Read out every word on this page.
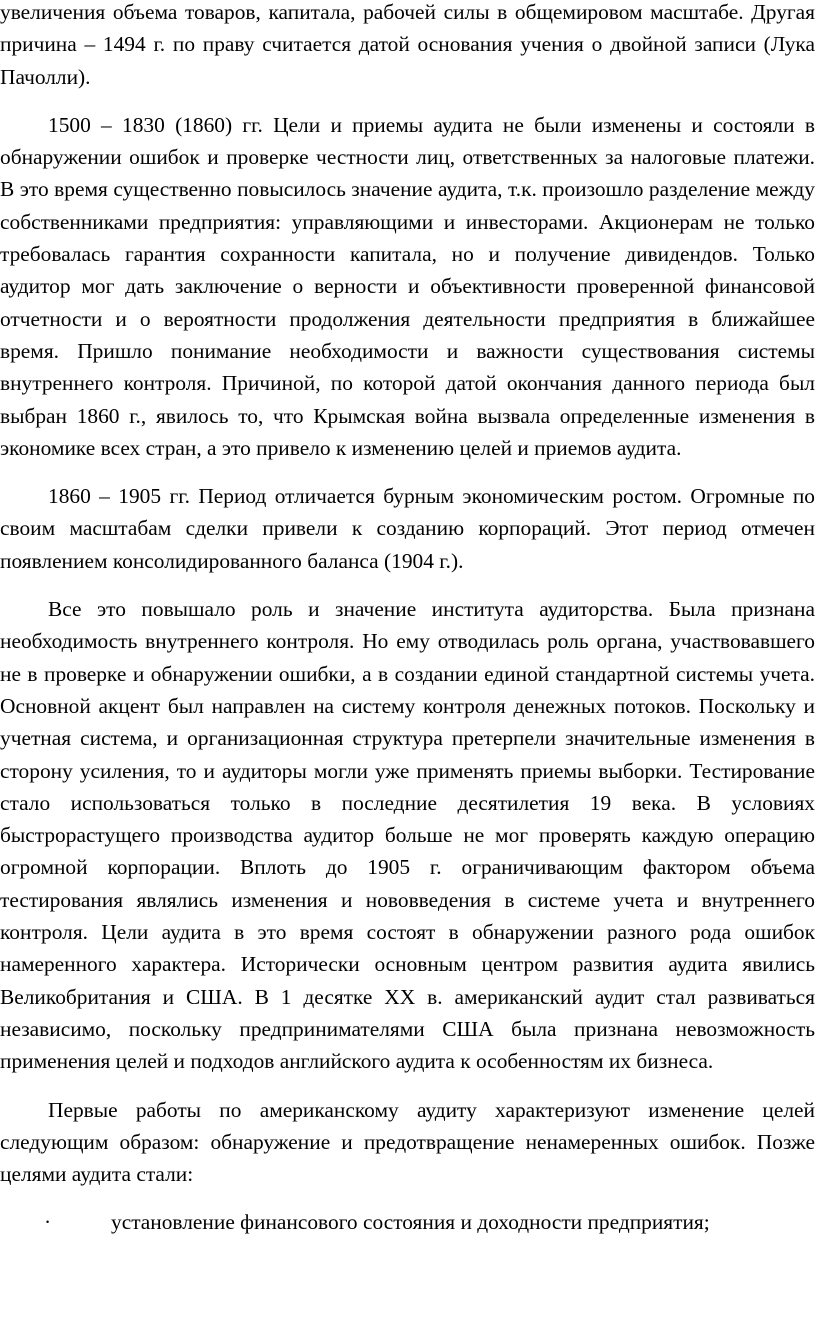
увеличения объема товаров, капитала, рабочей силы в общемировом масштабе. Другая причина – 1494 г. по праву считается датой основания учения о двойной записи (Лука Пачолли).

1500 – 1830 (1860) гг. Цели и приемы аудита не были изменены и состояли в обнаружении ошибок и проверке честности лиц, ответственных за налоговые платежи. В это время существенно повысилось значение аудита, т.к. произошло разделение между собственниками предприятия: управляющими и инвесторами. Акционерам не только требовалась гарантия сохранности капитала, но и получение дивидендов. Только аудитор мог дать заключение о верности и объективности проверенной финансовой отчетности и о вероятности продолжения деятельности предприятия в ближайшее время. Пришло понимание необходимости и важности существования системы внутреннего контроля. Причиной, по которой датой окончания данного периода был выбран 1860 г., явилось то, что Крымская война вызвала определенные изменения в экономике всех стран, а это привело к изменению целей и приемов аудита.

1860 – 1905 гг. Период отличается бурным экономическим ростом. Огромные по своим масштабам сделки привели к созданию корпораций. Этот период отмечен появлением консолидированного баланса (1904 г.).

Все это повышало роль и значение института аудиторства. Была признана необходимость внутреннего контроля. Но ему отводилась роль органа, участвовавшего не в проверке и обнаружении ошибки, а в создании единой стандартной системы учета. Основной акцент был направлен на систему контроля денежных потоков. Поскольку и учетная система, и организационная структура претерпели значительные изменения в сторону усиления, то и аудиторы могли уже применять приемы выборки. Тестирование стало использоваться только в последние десятилетия 19 века. В условиях быстрорастущего производства аудитор больше не мог проверять каждую операцию огромной корпорации. Вплоть до 1905 г. ограничивающим фактором объема тестирования являлись изменения и нововведения в системе учета и внутреннего контроля. Цели аудита в это время состоят в обнаружении разного рода ошибок намеренного характера. Исторически основным центром развития аудита явились Великобритания и США. В 1 десятке XX в. американский аудит стал развиваться независимо, поскольку предпринимателями США была признана невозможность применения целей и подходов английского аудита к особенностям их бизнеса.

Первые работы по американскому аудиту характеризуют изменение целей следующим образом: обнаружение и предотвращение ненамеренных ошибок. Позже целями аудита стали:

·	установление финансового состояния и доходности предприятия;
